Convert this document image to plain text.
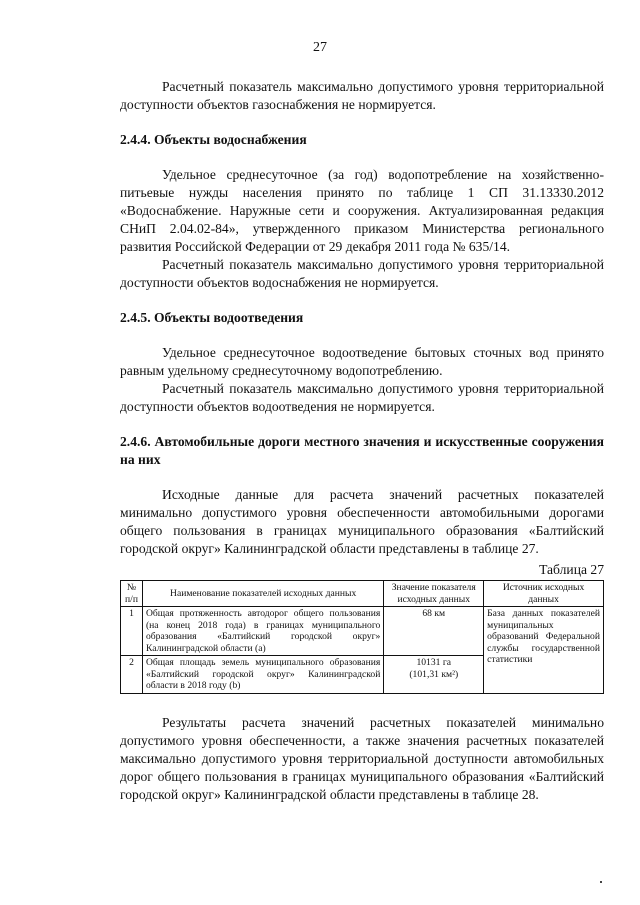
27

Расчетный показатель максимально допустимого уровня территориальной доступности объектов газоснабжения не нормируется.

2.4.4. Объекты водоснабжения

Удельное среднесуточное (за год) водопотребление на хозяйственно-питьевые нужды населения принято по таблице 1 СП 31.13330.2012 «Водоснабжение. Наружные сети и сооружения. Актуализированная редакция СНиП 2.04.02-84», утвержденного приказом Министерства регионального развития Российской Федерации от 29 декабря 2011 года № 635/14.

Расчетный показатель максимально допустимого уровня территориальной доступности объектов водоснабжения не нормируется.

2.4.5. Объекты водоотведения

Удельное среднесуточное водоотведение бытовых сточных вод принято равным удельному среднесуточному водопотреблению.

Расчетный показатель максимально допустимого уровня территориальной доступности объектов водоотведения не нормируется.

2.4.6. Автомобильные дороги местного значения и искусственные сооружения на них

Исходные данные для расчета значений расчетных показателей минимально допустимого уровня обеспеченности автомобильными дорогами общего пользования в границах муниципального образования «Балтийский городской округ» Калининградской области представлены в таблице 27.

Таблица 27
№ п/п	Наименование показателей исходных данных	Значение показателя исходных данных	Источник исходных данных
1	Общая протяженность автодорог общего пользования (на конец 2018 года) в границах муниципального образования «Балтийский городской округ» Калининградской области (a)	68 км	База данных показателей муниципальных образований Федеральной службы государственной статистики
2	Общая площадь земель муниципального образования «Балтийский городской округ» Калининградской области в 2018 году (b)	10131 га
(101,31 км²)	

Результаты расчета значений расчетных показателей минимально допустимого уровня обеспеченности, а также значения расчетных показателей максимально допустимого уровня территориальной доступности автомобильных дорог общего пользования в границах муниципального образования «Балтийский городской округ» Калининградской области представлены в таблице 28.
